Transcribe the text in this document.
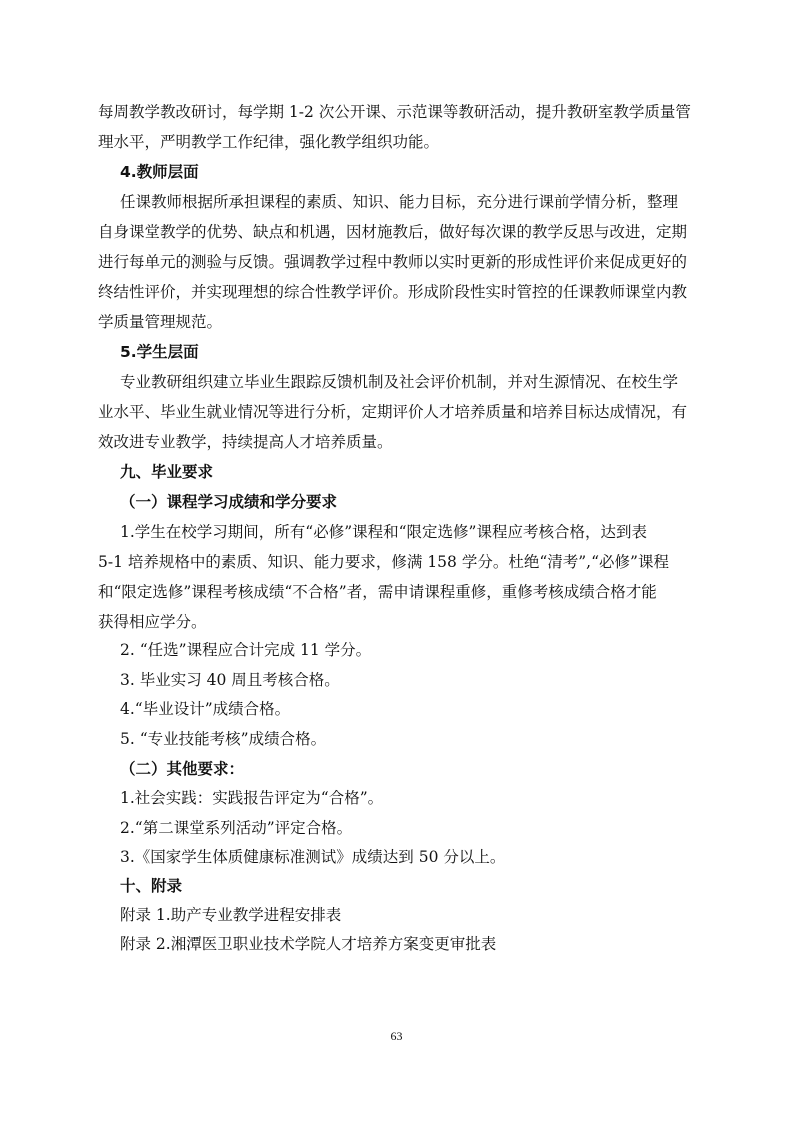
每周教学教改研讨，每学期 1-2 次公开课、示范课等教研活动，提升教研室教学质量管
理水平，严明教学工作纪律，强化教学组织功能。
4.教师层面
任课教师根据所承担课程的素质、知识、能力目标，充分进行课前学情分析，整理
自身课堂教学的优势、缺点和机遇，因材施教后，做好每次课的教学反思与改进，定期
进行每单元的测验与反馈。强调教学过程中教师以实时更新的形成性评价来促成更好的
终结性评价，并实现理想的综合性教学评价。形成阶段性实时管控的任课教师课堂内教
学质量管理规范。
5.学生层面
专业教研组织建立毕业生跟踪反馈机制及社会评价机制，并对生源情况、在校生学
业水平、毕业生就业情况等进行分析，定期评价人才培养质量和培养目标达成情况，有
效改进专业教学，持续提高人才培养质量。
九、毕业要求
（一）课程学习成绩和学分要求
1.学生在校学习期间，所有“必修”课程和“限定选修”课程应考核合格，达到表
5-1 培养规格中的素质、知识、能力要求，修满 158 学分。杜绝“清考”,“必修”课程
和“限定选修”课程考核成绩“不合格”者，需申请课程重修，重修考核成绩合格才能
获得相应学分。
2. “任选”课程应合计完成 11 学分。
3. 毕业实习 40 周且考核合格。
4.“毕业设计”成绩合格。
5. “专业技能考核”成绩合格。
（二）其他要求：
1.社会实践：实践报告评定为“合格”。
2.“第二课堂系列活动”评定合格。
3.《国家学生体质健康标准测试》成绩达到 50 分以上。
十、附录
附录 1.助产专业教学进程安排表
附录 2.湘潭医卫职业技术学院人才培养方案变更审批表
63
